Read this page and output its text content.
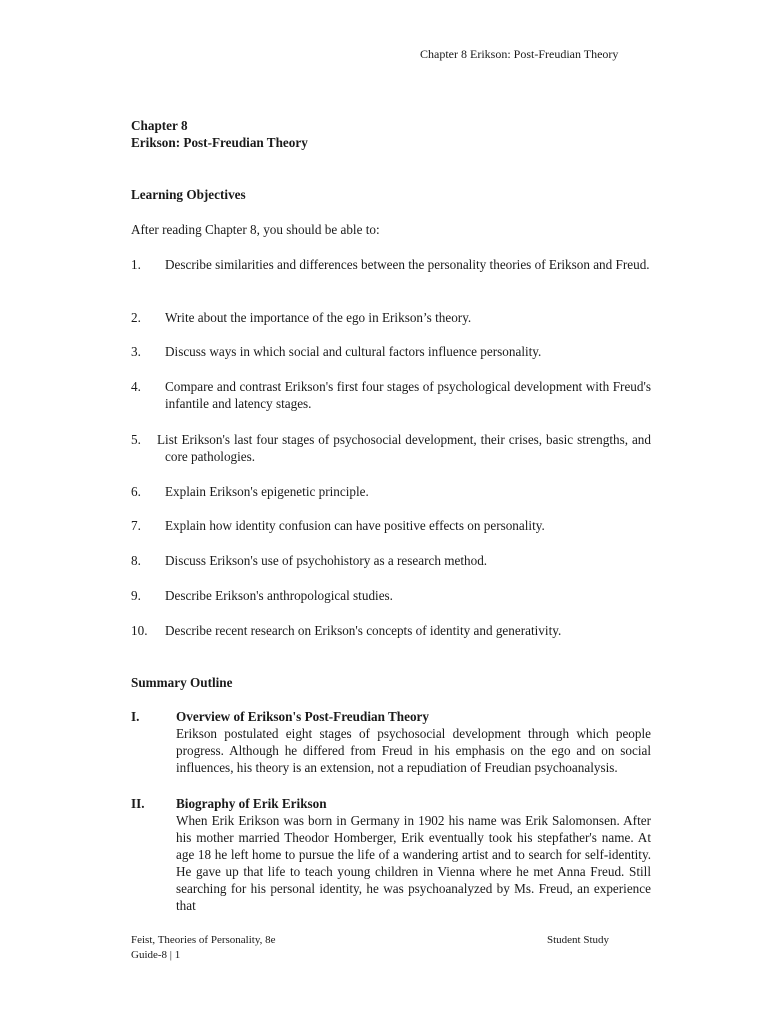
Chapter 8 Erikson: Post-Freudian Theory
Chapter 8
Erikson: Post-Freudian Theory
Learning Objectives
After reading Chapter 8, you should be able to:
1. Describe similarities and differences between the personality theories of Erikson and Freud.
2. Write about the importance of the ego in Erikson’s theory.
3. Discuss ways in which social and cultural factors influence personality.
4. Compare and contrast Erikson's first four stages of psychological development with Freud's infantile and latency stages.
5. List Erikson's last four stages of psychosocial development, their crises, basic strengths, and core pathologies.
6. Explain Erikson's epigenetic principle.
7. Explain how identity confusion can have positive effects on personality.
8. Discuss Erikson's use of psychohistory as a research method.
9. Describe Erikson's anthropological studies.
10. Describe recent research on Erikson's concepts of identity and generativity.
Summary Outline
I.	Overview of Erikson's Post-Freudian Theory
Erikson postulated eight stages of psychosocial development through which people progress. Although he differed from Freud in his emphasis on the ego and on social influences, his theory is an extension, not a repudiation of Freudian psychoanalysis.
II. Biography of Erik Erikson
When Erik Erikson was born in Germany in 1902 his name was Erik Salomonsen. After his mother married Theodor Homberger, Erik eventually took his stepfather's name. At age 18 he left home to pursue the life of a wandering artist and to search for self-identity. He gave up that life to teach young children in Vienna where he met Anna Freud. Still searching for his personal identity, he was psychoanalyzed by Ms. Freud, an experience that
Feist, Theories of Personality, 8e
Guide-8 | 1
Student Study
